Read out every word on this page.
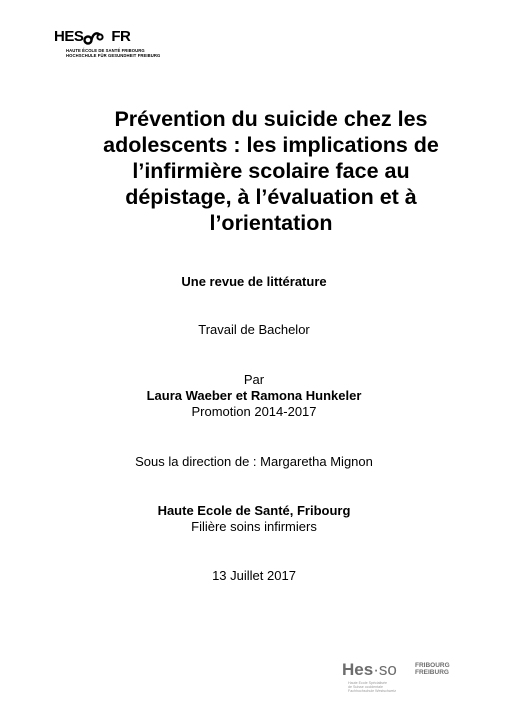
HES FR
HAUTE ÉCOLE DE SANTÉ FRIBOURG
HOCHSCHULE FÜR GESUNDHEIT FREIBURG
Prévention du suicide chez les
adolescents : les implications de
l’infirmière scolaire face au
dépistage, à l’évaluation et à
l’orientation
Une revue de littérature
Travail de Bachelor
Par
Laura Waeber et Ramona Hunkeler
Promotion 2014-2017
Sous la direction de : Margaretha Mignon
Haute Ecole de Santé, Fribourg
Filière soins infirmiers
13 Juillet 2017
Hes·so	FRIBOURG
FREIBURG
Haute Ecole Spécialisée
de Suisse occidentale
Fachhochschule Westschweiz
